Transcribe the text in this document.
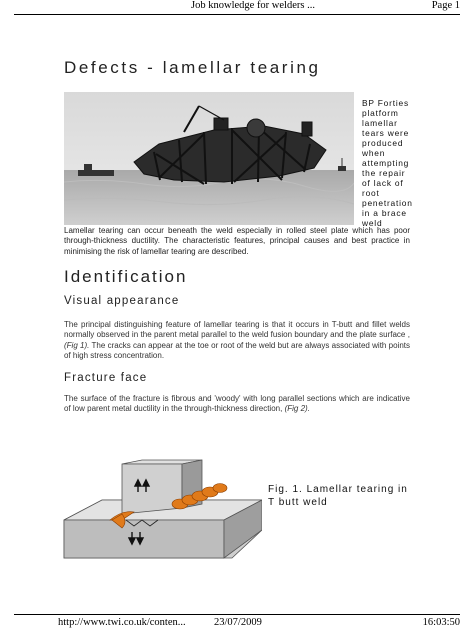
Job knowledge for welders ...	Page 1
Defects - lamellar tearing
BP Forties
platform
lamellar
tears were
produced
when
attempting
the repair
of lack of
root
penetration
in a brace
weld
Lamellar tearing can occur beneath the weld especially in rolled steel plate which has poor through-thickness ductility. The characteristic features, principal causes and best practice in minimising the risk of lamellar tearing are described.
Identification
Visual appearance
The principal distinguishing feature of lamellar tearing is that it occurs in T-butt and fillet welds normally observed in the parent metal parallel to the weld fusion boundary and the plate surface , (Fig 1). The cracks can appear at the toe or root of the weld but are always associated with points of high stress concentration.
Fracture face
The surface of the fracture is fibrous and 'woody' with long parallel sections which are indicative of low parent metal ductility in the through-thickness direction, (Fig 2).
Fig. 1. Lamellar tearing in T butt weld
http://www.twi.co.uk/conten...	23/07/2009	16:03:50
